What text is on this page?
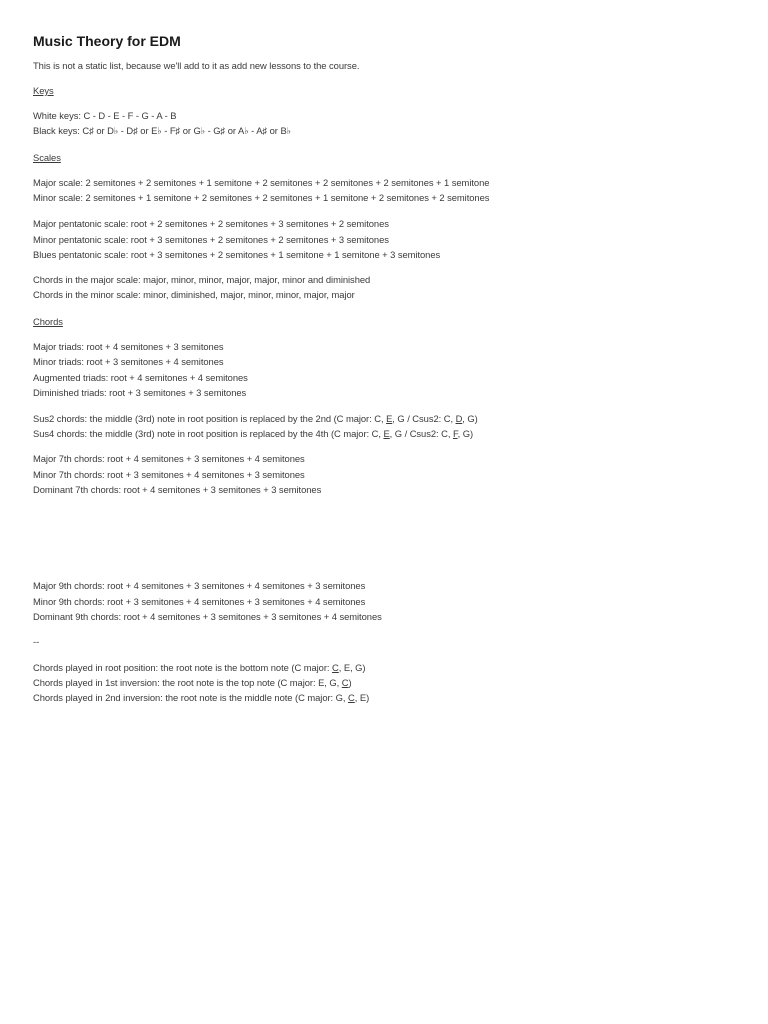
Music Theory for EDM
This is not a static list, because we'll add to it as add new lessons to the course.
Keys
White keys: C - D - E - F - G - A - B
Black keys: C♯ or D♭ - D♯ or E♭ - F♯ or G♭ - G♯ or A♭ - A♯ or B♭
Scales
Major scale: 2 semitones + 2 semitones + 1 semitone + 2 semitones + 2 semitones + 2 semitones + 1 semitone
Minor scale: 2 semitones + 1 semitone + 2 semitones + 2 semitones + 1 semitone + 2 semitones + 2 semitones
Major pentatonic scale: root + 2 semitones + 2 semitones + 3 semitones + 2 semitones
Minor pentatonic scale: root + 3 semitones + 2 semitones + 2 semitones + 3 semitones
Blues pentatonic scale: root + 3 semitones + 2 semitones + 1 semitone + 1 semitone + 3 semitones
Chords in the major scale: major, minor, minor, major, major, minor and diminished
Chords in the minor scale: minor, diminished, major, minor, minor, major, major
Chords
Major triads: root + 4 semitones + 3 semitones
Minor triads: root + 3 semitones + 4 semitones
Augmented triads: root + 4 semitones + 4 semitones
Diminished triads: root + 3 semitones + 3 semitones
Sus2 chords: the middle (3rd) note in root position is replaced by the 2nd (C major: C, E, G / Csus2: C, D, G)
Sus4 chords: the middle (3rd) note in root position is replaced by the 4th (C major: C, E, G / Csus2: C, F, G)
Major 7th chords: root + 4 semitones + 3 semitones + 4 semitones
Minor 7th chords: root + 3 semitones + 4 semitones + 3 semitones
Dominant 7th chords: root + 4 semitones + 3 semitones + 3 semitones
Major 9th chords: root + 4 semitones + 3 semitones + 4 semitones + 3 semitones
Minor 9th chords: root + 3 semitones + 4 semitones + 3 semitones + 4 semitones
Dominant 9th chords: root + 4 semitones + 3 semitones + 3 semitones + 4 semitones
--
Chords played in root position: the root note is the bottom note (C major: C, E, G)
Chords played in 1st inversion: the root note is the top note (C major: E, G, C)
Chords played in 2nd inversion: the root note is the middle note (C major: G, C, E)
